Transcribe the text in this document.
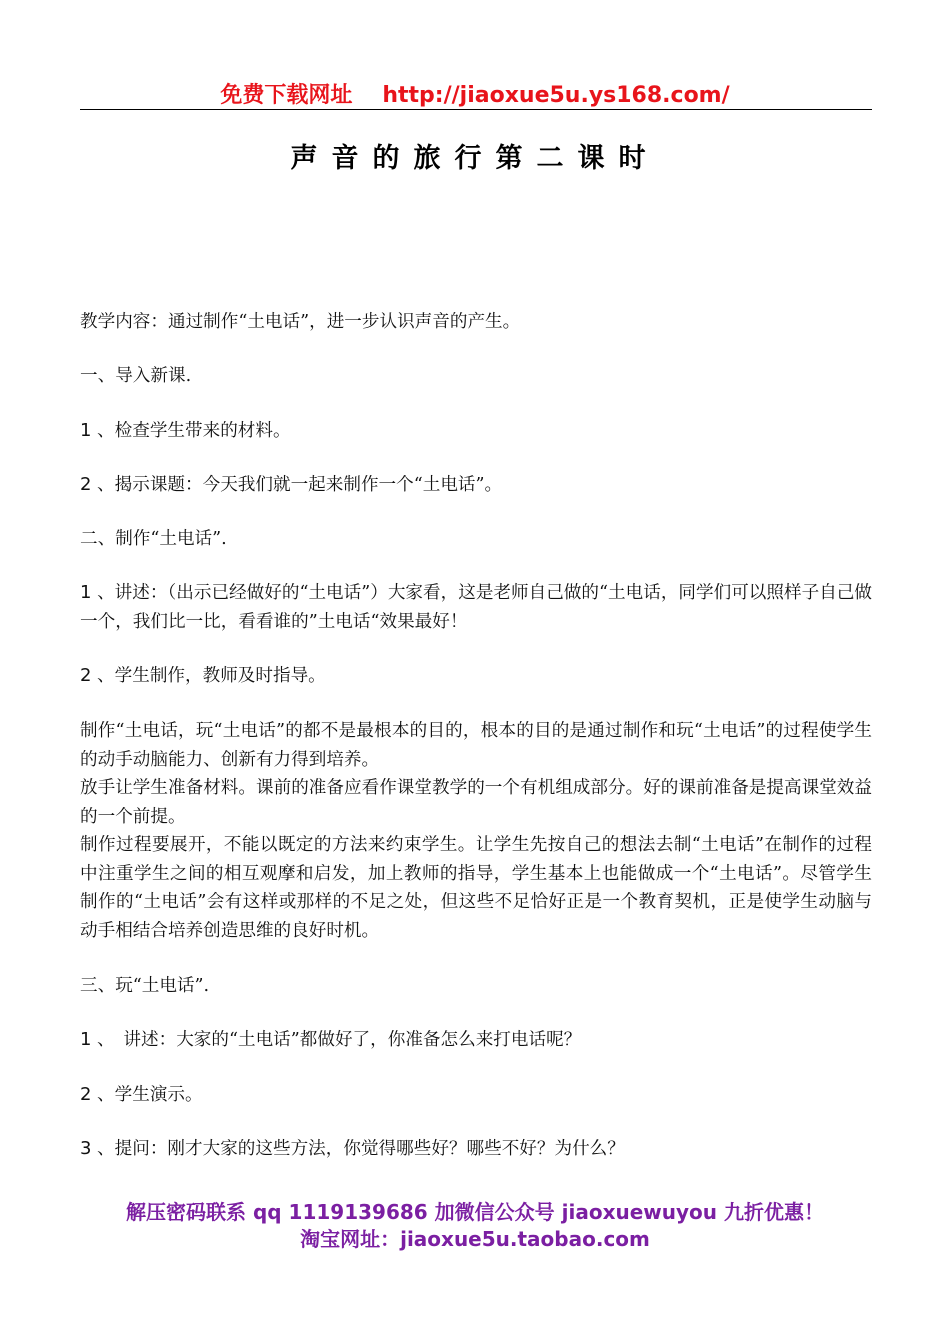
免费下载网址 http://jiaoxue5u.ys168.com/
声音的旅行第二课时

教学内容：通过制作“土电话”，进一步认识声音的产生。

一、导入新课.

1 、检查学生带来的材料。

2 、揭示课题：今天我们就一起来制作一个“土电话”。

二、制作“土电话”.

1 、讲述：（出示已经做好的“土电话”）大家看，这是老师自己做的“土电话，同学们可以照样子自己做一个，我们比一比，看看谁的”土电话“效果最好！

2 、学生制作，教师及时指导。

制作“土电话，玩“土电话”的都不是最根本的目的，根本的目的是通过制作和玩“土电话”的过程使学生的动手动脑能力、创新有力得到培养。

放手让学生准备材料。课前的准备应看作课堂教学的一个有机组成部分。好的课前准备是提高课堂效益的一个前提。

制作过程要展开，不能以既定的方法来约束学生。让学生先按自己的想法去制“土电话”在制作的过程中注重学生之间的相互观摩和启发，加上教师的指导，学生基本上也能做成一个“土电话”。尽管学生制作的“土电话”会有这样或那样的不足之处，但这些不足恰好正是一个教育契机，正是使学生动脑与动手相结合培养创造思维的良好时机。

三、玩“土电话”.

1 、　讲述：大家的“土电话”都做好了，你准备怎么来打电话呢？

2 、学生演示。

3 、提问：刚才大家的这些方法，你觉得哪些好？哪些不好？为什么？

解压密码联系 qq 1119139686 加微信公众号 jiaoxuewuyou 九折优惠！
淘宝网址：jiaoxue5u.taobao.com
